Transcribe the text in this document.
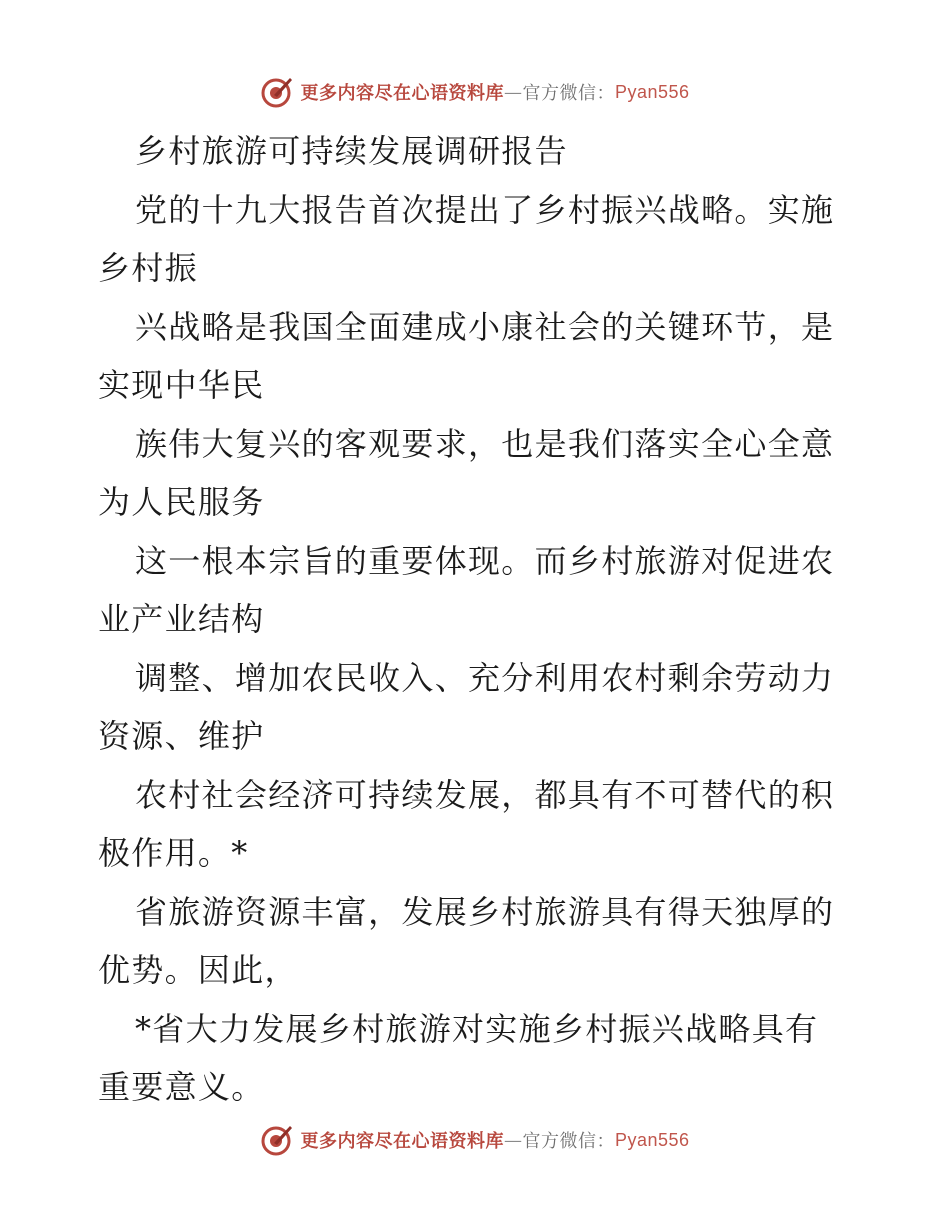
更多内容尽在心语资料库 — 官方微信： Pyan556
乡村旅游可持续发展调研报告
党的十九大报告首次提出了乡村振兴战略。实施
乡村振
兴战略是我国全面建成小康社会的关键环节，是
实现中华民
族伟大复兴的客观要求，也是我们落实全心全意
为人民服务
这一根本宗旨的重要体现。而乡村旅游对促进农
业产业结构
调整、增加农民收入、充分利用农村剩余劳动力
资源、维护
农村社会经济可持续发展，都具有不可替代的积
极作用。*
省旅游资源丰富，发展乡村旅游具有得天独厚的
优势。因此，
*省大力发展乡村旅游对实施乡村振兴战略具有
重要意义。
更多内容尽在心语资料库 — 官方微信： Pyan556
